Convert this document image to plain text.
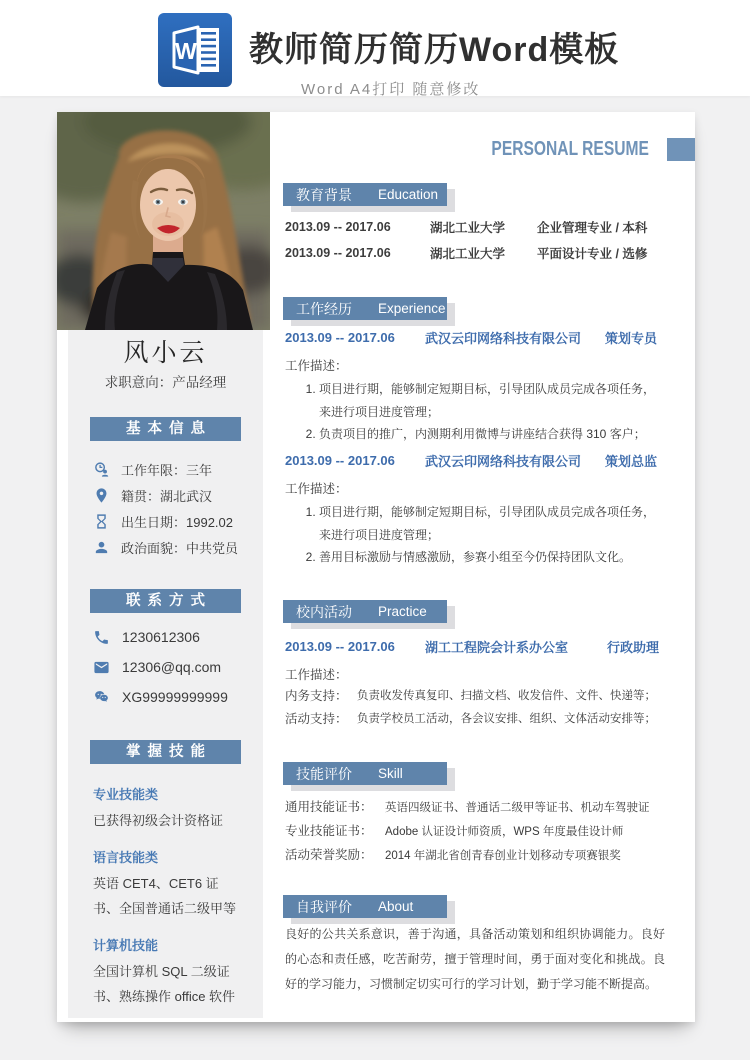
W 教师简历简历Word模板

Word A4打印 随意修改

风小云
求职意向：产品经理
基本信息
工作年限：三年
籍贯：湖北武汉
出生日期：1992.02
政治面貌：中共党员
联系方式
1230612306
12306@qq.com
XG99999999999
掌握技能
专业技能类
已获得初级会计资格证
语言技能类
英语 CET4、CET6 证书、全国普通话二级甲等
计算机技能
全国计算机 SQL 二级证书、熟练操作 office 软件
PERSONAL RESUME
教育背景 Education
2013.09 -- 2017.06	湖北工业大学	企业管理专业 / 本科
2013.09 -- 2017.06	湖北工业大学	平面设计专业 / 选修
工作经历 Experience
2013.09 -- 2017.06	武汉云印网络科技有限公司 策划专员
工作描述：
1. 项目进行期，能够制定短期目标，引导团队成员完成各项任务，来进行项目进度管理；
2. 负责项目的推广，内测期利用微博与讲座结合获得 310 客户；
2013.09 -- 2017.06	武汉云印网络科技有限公司 策划总监
工作描述：
1. 项目进行期，能够制定短期目标，引导团队成员完成各项任务，来进行项目进度管理；
2. 善用目标激励与情感激励，参赛小组至今仍保持团队文化。
校内活动 Practice
2013.09 -- 2017.06	湖工工程院会计系办公室	行政助理
工作描述：
内务支持： 负责收发传真复印、扫描文档、收发信件、文件、快递等；
活动支持： 负责学校员工活动，各会议安排、组织、文体活动安排等；
技能评价 Skill
通用技能证书：	英语四级证书、普通话二级甲等证书、机动车驾驶证
专业技能证书：	Adobe 认证设计师资质，WPS 年度最佳设计师
活动荣誉奖励：	2014 年湖北省创青春创业计划移动专项赛银奖
自我评价 About

良好的公共关系意识，善于沟通，具备活动策划和组织协调能力。良好的心态和责任感，吃苦耐劳，擅于管理时间，勇于面对变化和挑战。良好的学习能力，习惯制定切实可行的学习计划，勤于学习能不断提高。
